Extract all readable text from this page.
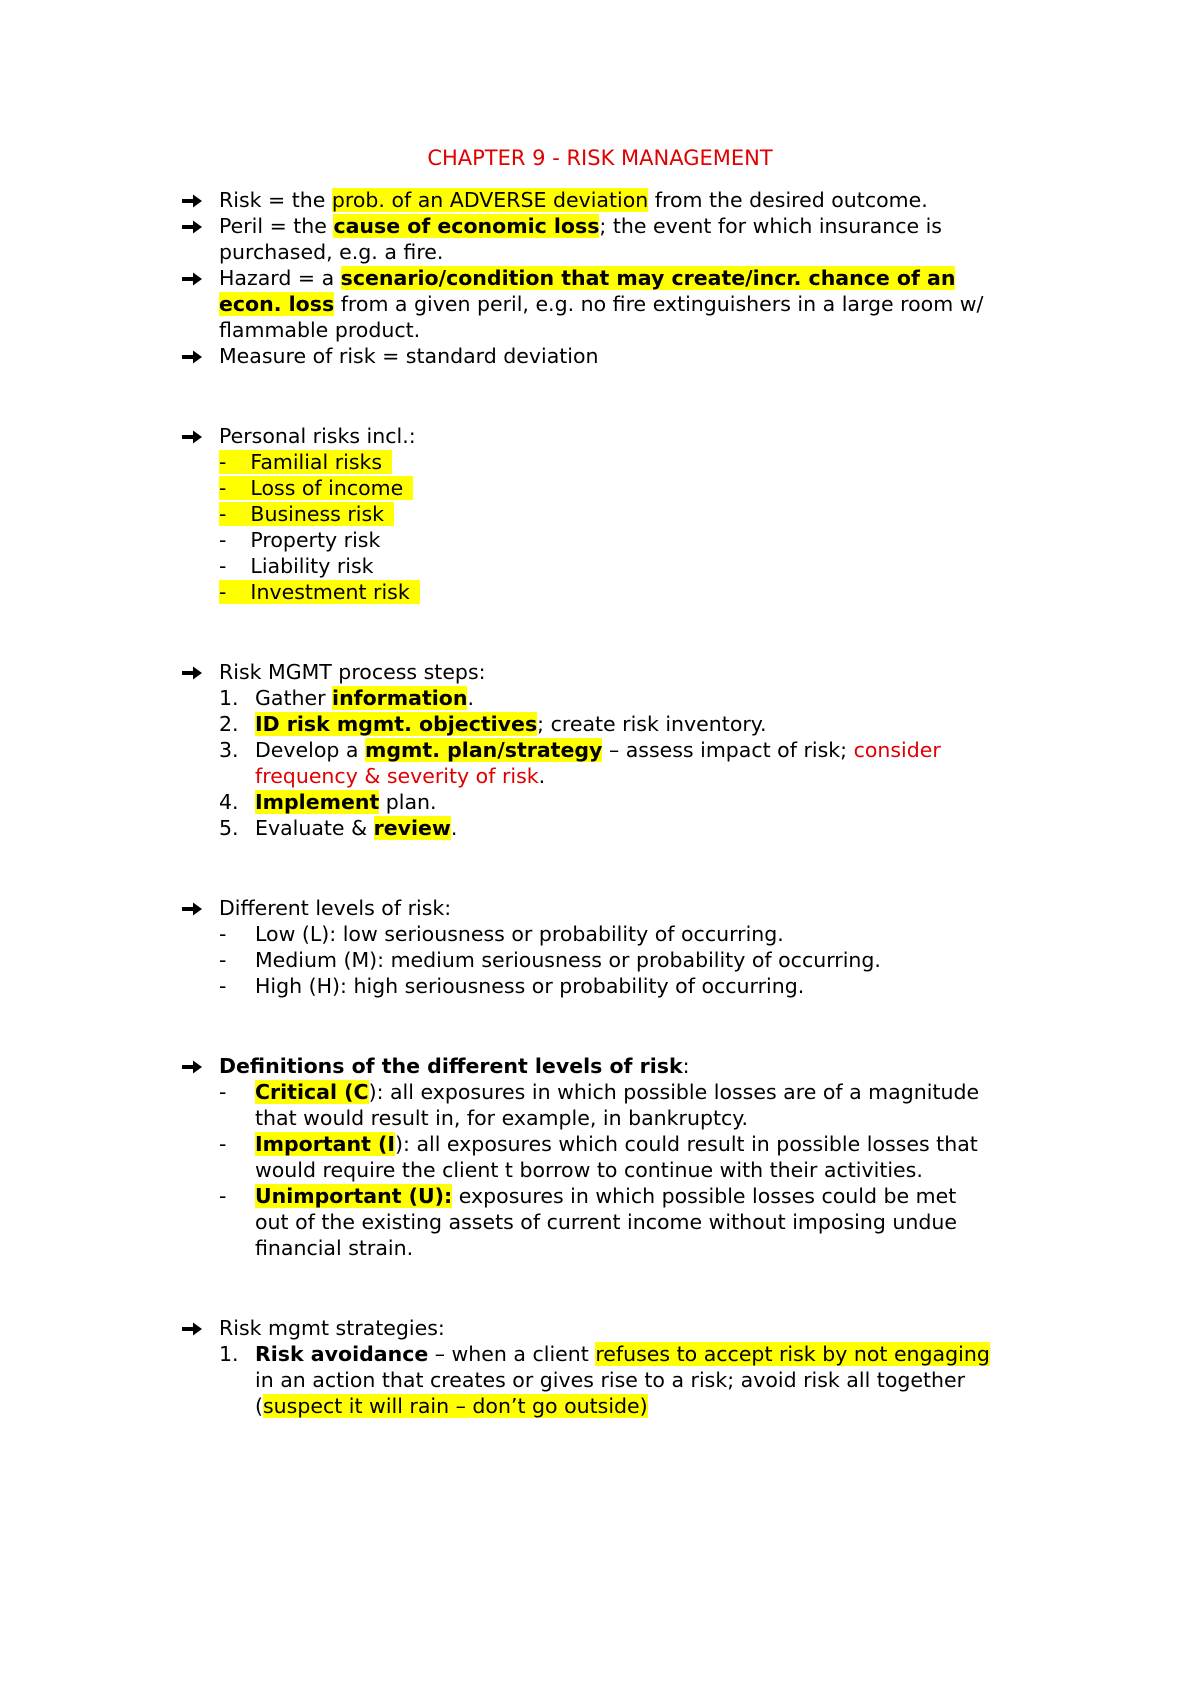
CHAPTER 9 - RISK MANAGEMENT
Risk = the prob. of an ADVERSE deviation from the desired outcome.
Peril = the cause of economic loss; the event for which insurance is
purchased, e.g. a fire.
Hazard = a scenario/condition that may create/incr. chance of an
econ. loss from a given peril, e.g. no fire extinguishers in a large room w/
flammable product.
Measure of risk = standard deviation
Personal risks incl.:
- Familial risks
- Loss of income
- Business risk
- Property risk
- Liability risk
- Investment risk
Risk MGMT process steps:
1. Gather information.
2. ID risk mgmt. objectives; create risk inventory.
3. Develop a mgmt. plan/strategy – assess impact of risk; consider
frequency & severity of risk.
4. Implement plan.
5. Evaluate & review.
Different levels of risk:
- Low (L): low seriousness or probability of occurring.
- Medium (M): medium seriousness or probability of occurring.
- High (H): high seriousness or probability of occurring.
Definitions of the different levels of risk:
- Critical (C): all exposures in which possible losses are of a magnitude
that would result in, for example, in bankruptcy.
- Important (I): all exposures which could result in possible losses that
would require the client t borrow to continue with their activities.
- Unimportant (U): exposures in which possible losses could be met
out of the existing assets of current income without imposing undue
financial strain.
Risk mgmt strategies:
1. Risk avoidance – when a client refuses to accept risk by not engaging
in an action that creates or gives rise to a risk; avoid risk all together
(suspect it will rain – don’t go outside)
